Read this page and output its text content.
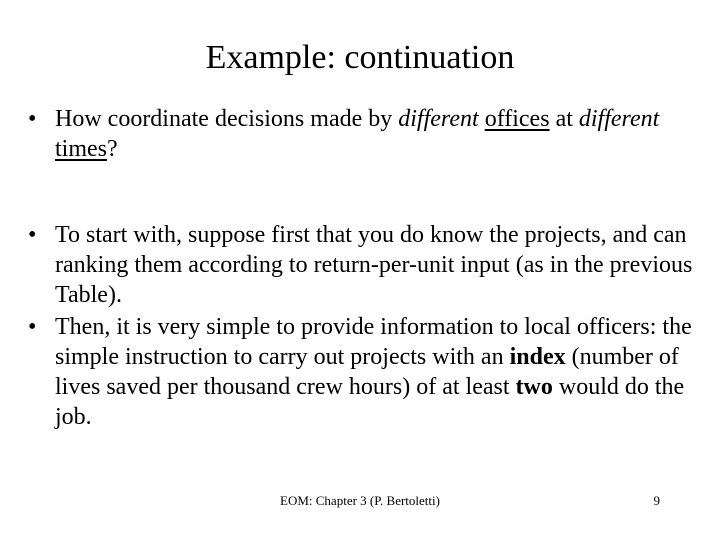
Example: continuation
• How coordinate decisions made by different offices at different times?
• To start with, suppose first that you do know the projects, and can ranking them according to return-per-unit input (as in the previous Table).
• Then, it is very simple to provide information to local officers: the simple instruction to carry out projects with an index (number of lives saved per thousand crew hours) of at least two would do the job.
EOM: Chapter 3 (P. Bertoletti)	9
